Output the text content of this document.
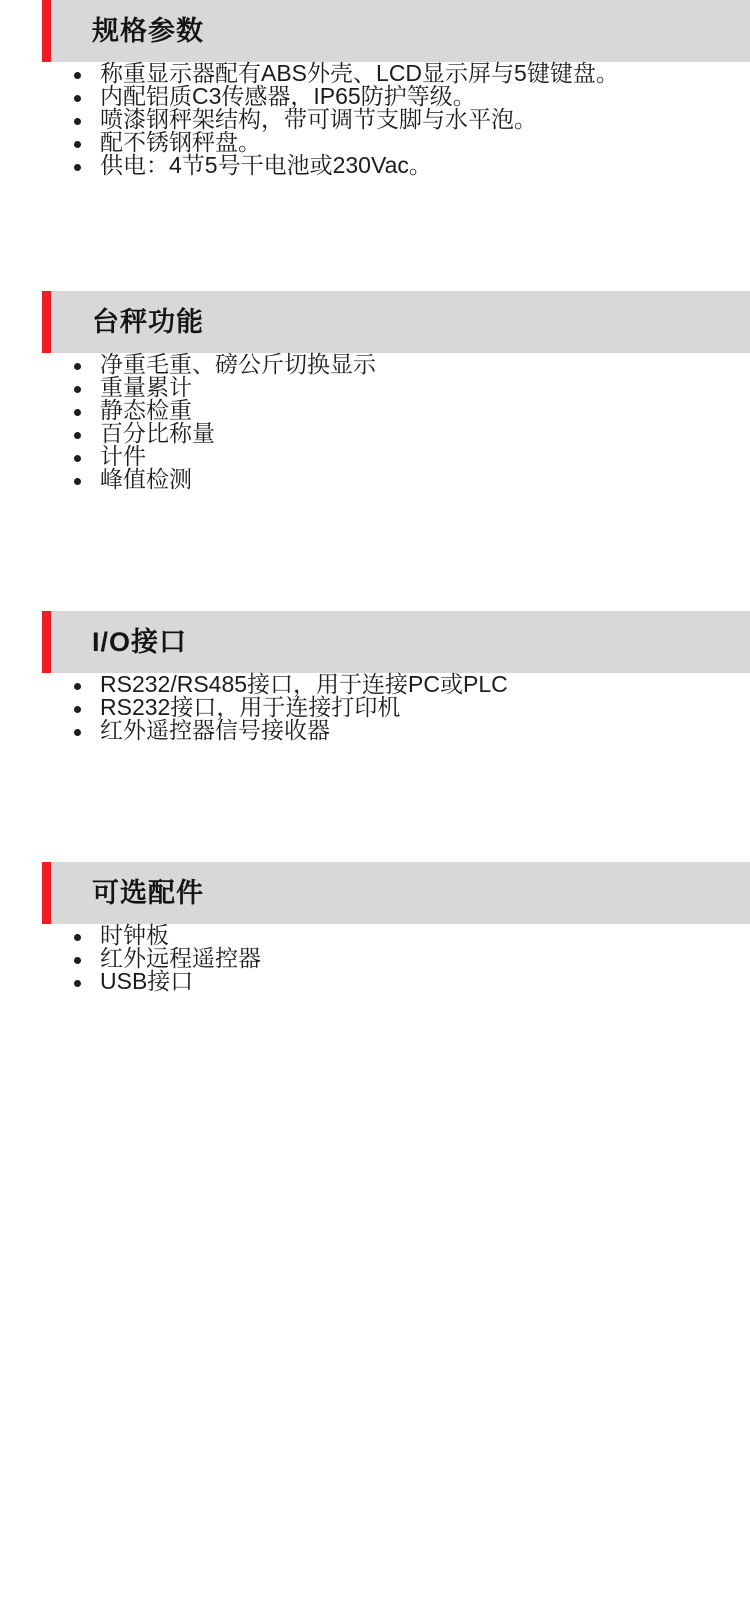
规格参数
称重显示器配有ABS外壳、LCD显示屏与5键键盘。
内配铝质C3传感器，IP65防护等级。
喷漆钢秤架结构，带可调节支脚与水平泡。
配不锈钢秤盘。
供电：4节5号干电池或230Vac。
台秤功能
净重毛重、磅公斤切换显示
重量累计
静态检重
百分比称量
计件
峰值检测
I/O接口
RS232/RS485接口，用于连接PC或PLC
RS232接口，用于连接打印机
红外遥控器信号接收器
可选配件
时钟板
红外远程遥控器
USB接口
